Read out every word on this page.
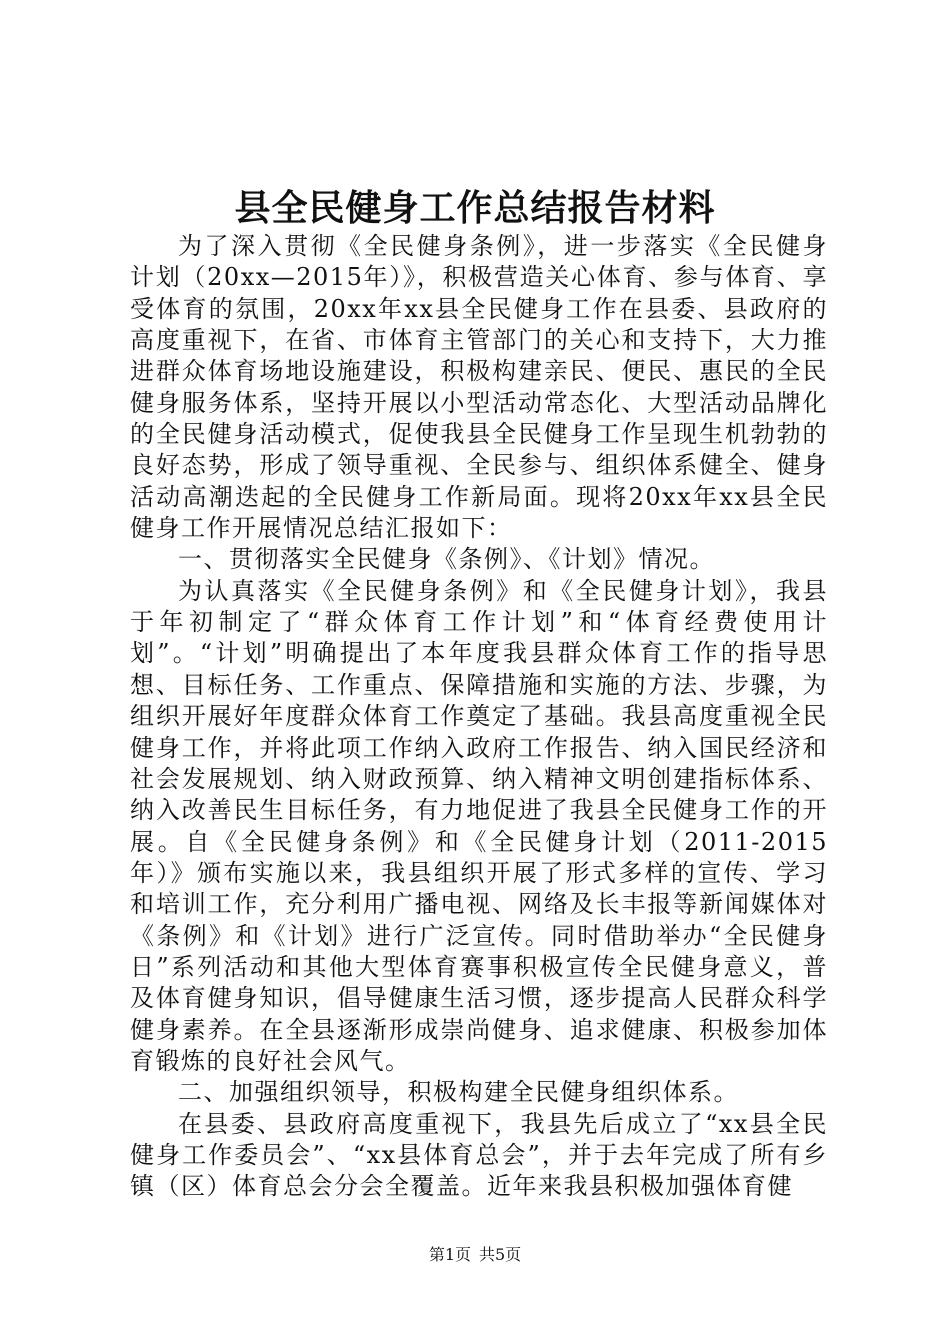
县全民健身工作总结报告材料

为了深入贯彻《全民健身条例》，进一步落实《全民健身计划（20xx—2015年）》，积极营造关心体育、参与体育、享受体育的氛围，20xx年xx县全民健身工作在县委、县政府的高度重视下，在省、市体育主管部门的关心和支持下，大力推进群众体育场地设施建设，积极构建亲民、便民、惠民的全民健身服务体系，坚持开展以小型活动常态化、大型活动品牌化的全民健身活动模式，促使我县全民健身工作呈现生机勃勃的良好态势，形成了领导重视、全民参与、组织体系健全、健身活动高潮迭起的全民健身工作新局面。现将20xx年xx县全民健身工作开展情况总结汇报如下：

一、贯彻落实全民健身《条例》、《计划》情况。

为认真落实《全民健身条例》和《全民健身计划》，我县于年初制定了“群众体育工作计划”和“体育经费使用计划”。“计划”明确提出了本年度我县群众体育工作的指导思想、目标任务、工作重点、保障措施和实施的方法、步骤，为组织开展好年度群众体育工作奠定了基础。我县高度重视全民健身工作，并将此项工作纳入政府工作报告、纳入国民经济和社会发展规划、纳入财政预算、纳入精神文明创建指标体系、纳入改善民生目标任务，有力地促进了我县全民健身工作的开展。自《全民健身条例》和《全民健身计划（2011-2015年）》颁布实施以来，我县组织开展了形式多样的宣传、学习和培训工作，充分利用广播电视、网络及长丰报等新闻媒体对《条例》和《计划》进行广泛宣传。同时借助举办“全民健身日”系列活动和其他大型体育赛事积极宣传全民健身意义，普及体育健身知识，倡导健康生活习惯，逐步提高人民群众科学健身素养。在全县逐渐形成崇尚健身、追求健康、积极参加体育锻炼的良好社会风气。

二、加强组织领导，积极构建全民健身组织体系。

在县委、县政府高度重视下，我县先后成立了“xx县全民健身工作委员会”、“xx县体育总会”，并于去年完成了所有乡镇（区）体育总会分会全覆盖。近年来我县积极加强体育健

第1页 共5页
